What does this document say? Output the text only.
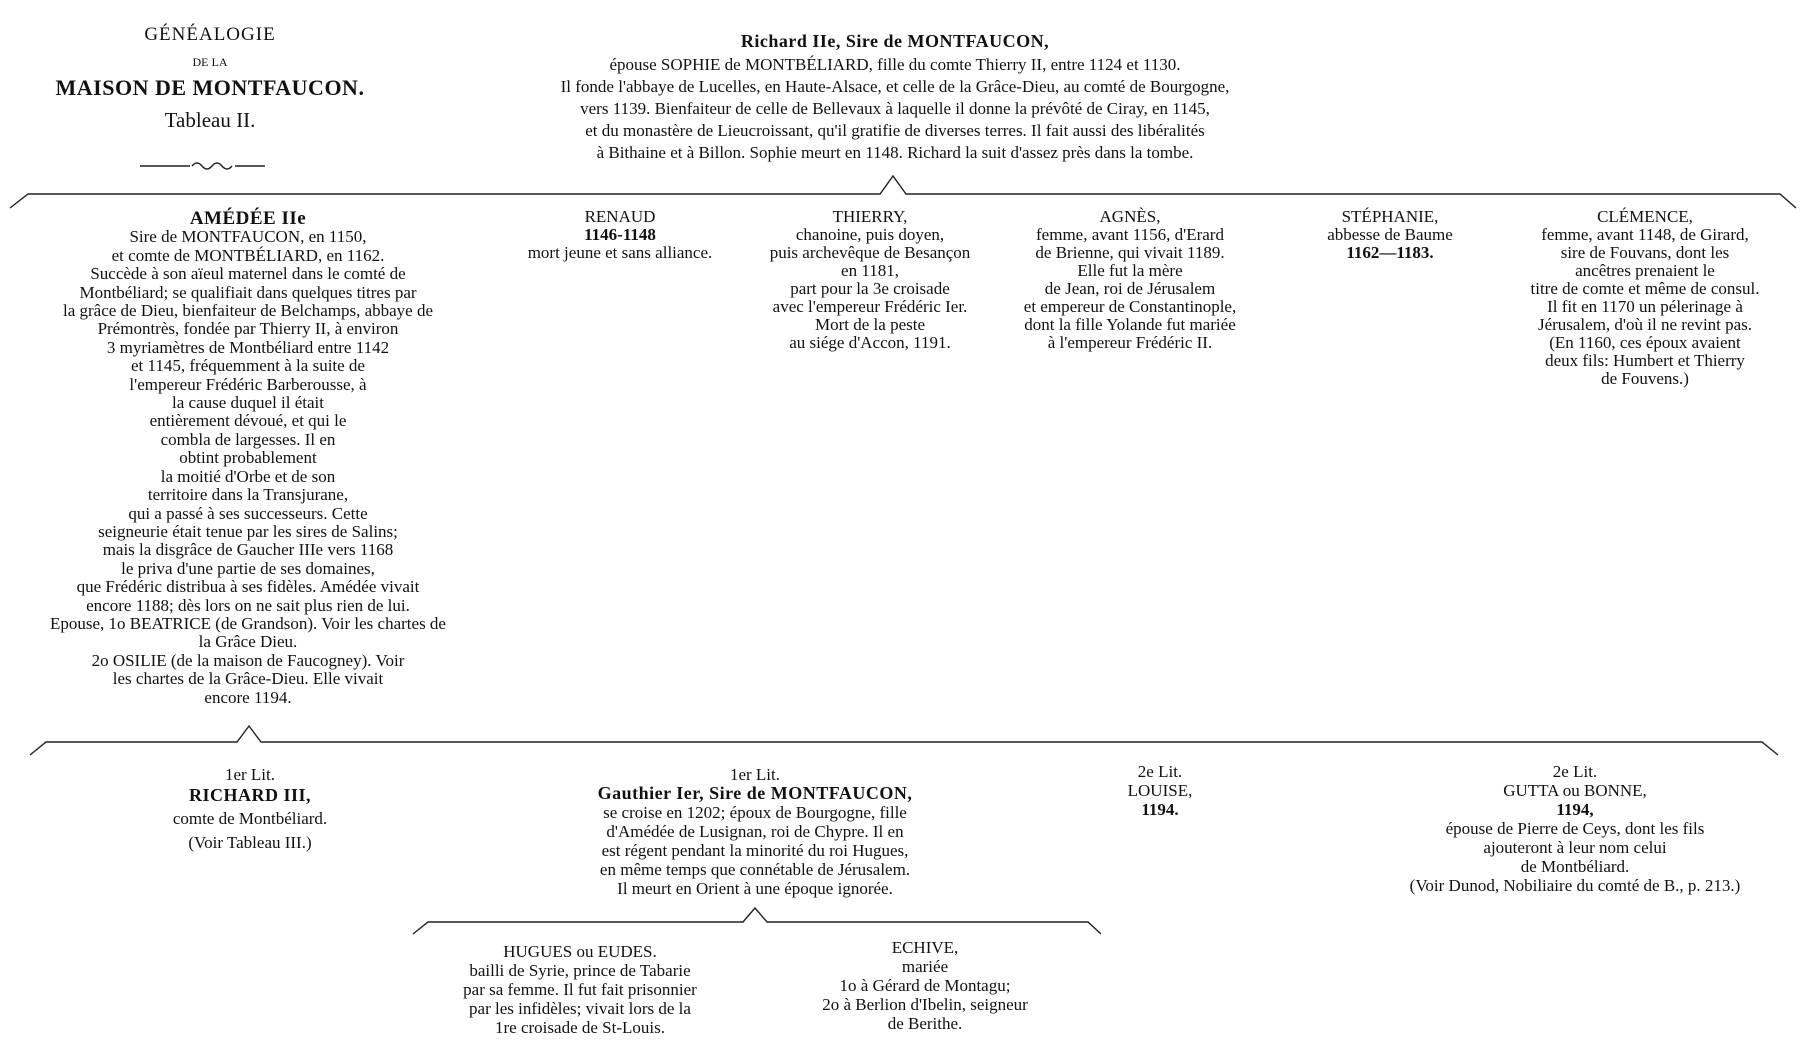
GÉNÉALOGIE
DE LA
MAISON DE MONTFAUCON.
Tableau II.
Richard IIe, Sire de MONTFAUCON,
épouse SOPHIE de MONTBÉLIARD, fille du comte Thierry II, entre 1124 et 1130.
Il fonde l'abbaye de Lucelles, en Haute-Alsace, et celle de la Grâce-Dieu, au comté de Bourgogne,
vers 1139. Bienfaiteur de celle de Bellevaux à laquelle il donne la prévôté de Ciray, en 1145,
et du monastère de Lieucroissant, qu'il gratifie de diverses terres. Il fait aussi des libéralités
à Bithaine et à Billon. Sophie meurt en 1148. Richard la suit d'assez près dans la tombe.
AMÉDÉE IIe
Sire de MONTFAUCON, en 1150,
et comte de MONTBÉLIARD, en 1162.
Succède à son aïeul maternel dans le comté de
Montbéliard; se qualifiait dans quelques titres par
la grâce de Dieu, bienfaiteur de Belchamps, abbaye de
Prémontrès, fondée par Thierry II, à environ
3 myriamètres de Montbéliard entre 1142
et 1145, fréquemment à la suite de
l'empereur Frédéric Barberousse, à
la cause duquel il était
entièrement dévoué, et qui le
combla de largesses. Il en
obtint probablement
la moitié d'Orbe et de son
territoire dans la Transjurane,
qui a passé à ses successeurs. Cette
seigneurie était tenue par les sires de Salins;
mais la disgrâce de Gaucher IIIe vers 1168
le priva d'une partie de ses domaines,
que Frédéric distribua à ses fidèles. Amédée vivait
encore 1188; dès lors on ne sait plus rien de lui.
Epouse, 1o BEATRICE (de Grandson). Voir les chartes de
la Grâce Dieu.
2o OSILIE (de la maison de Faucogney). Voir
les chartes de la Grâce-Dieu. Elle vivait
encore 1194.
RENAUD
1146-1148
mort jeune et sans alliance.
THIERRY,
chanoine, puis doyen,
puis archevêque de Besançon
en 1181,
part pour la 3e croisade
avec l'empereur Frédéric Ier.
Mort de la peste
au siége d'Accon, 1191.
AGNÈS,
femme, avant 1156, d'Erard
de Brienne, qui vivait 1189.
Elle fut la mère
de Jean, roi de Jérusalem
et empereur de Constantinople,
dont la fille Yolande fut mariée
à l'empereur Frédéric II.
STÉPHANIE,
abbesse de Baume
1162—1183.
CLÉMENCE,
femme, avant 1148, de Girard,
sire de Fouvans, dont les
ancêtres prenaient le
titre de comte et même de consul.
Il fit en 1170 un pélerinage à
Jérusalem, d'où il ne revint pas.
(En 1160, ces époux avaient
deux fils: Humbert et Thierry
de Fouvens.)
1er Lit.
RICHARD III,
comte de Montbéliard.
(Voir Tableau III.)
1er Lit.
Gauthier Ier, Sire de MONTFAUCON,
se croise en 1202; époux de Bourgogne, fille
d'Amédée de Lusignan, roi de Chypre. Il en
est régent pendant la minorité du roi Hugues,
en même temps que connétable de Jérusalem.
Il meurt en Orient à une époque ignorée.
2e Lit.
LOUISE,
1194.
2e Lit.
GUTTA ou BONNE,
1194,
épouse de Pierre de Ceys, dont les fils
ajouteront à leur nom celui
de Montbéliard.
(Voir Dunod, Nobiliaire du comté de B., p. 213.)
HUGUES ou EUDES.
bailli de Syrie, prince de Tabarie
par sa femme. Il fut fait prisonnier
par les infidèles; vivait lors de la
1re croisade de St-Louis.
ECHIVE,
mariée
1o à Gérard de Montagu;
2o à Berlion d'Ibelin, seigneur
de Berithe.
